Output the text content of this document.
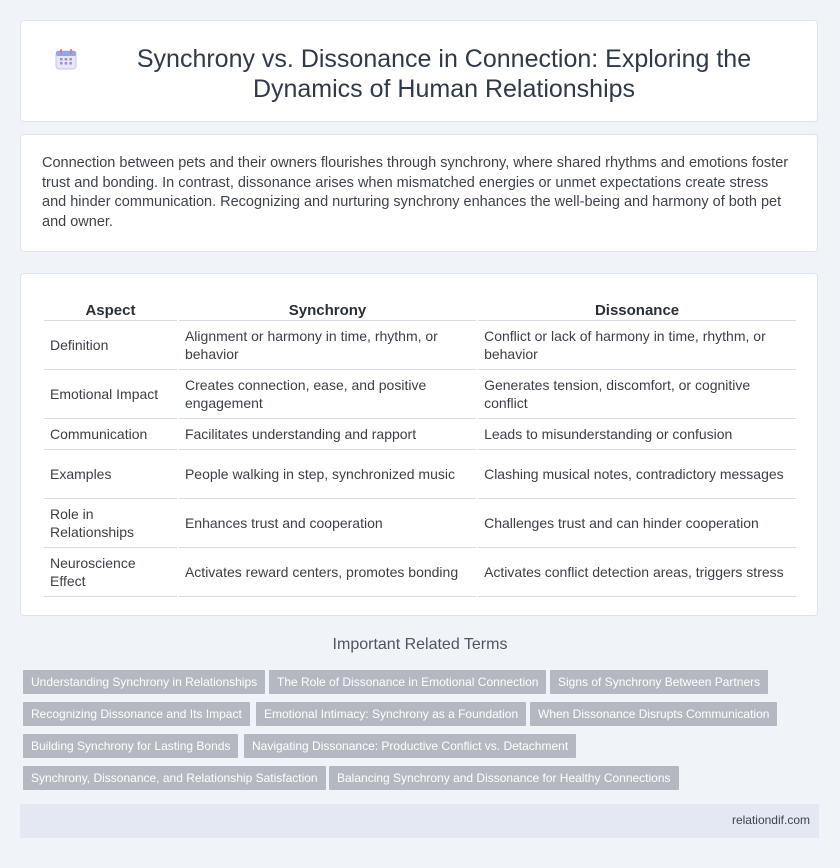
Synchrony vs. Dissonance in Connection: Exploring the Dynamics of Human Relationships

Connection between pets and their owners flourishes through synchrony, where shared rhythms and emotions foster trust and bonding. In contrast, dissonance arises when mismatched energies or unmet expectations create stress and hinder communication. Recognizing and nurturing synchrony enhances the well-being and harmony of both pet and owner.

Aspect	Synchrony	Dissonance
Definition	Alignment or harmony in time, rhythm, or behavior	Conflict or lack of harmony in time, rhythm, or behavior
Emotional Impact	Creates connection, ease, and positive engagement	Generates tension, discomfort, or cognitive conflict
Communication	Facilitates understanding and rapport	Leads to misunderstanding or confusion
Examples	People walking in step, synchronized music	Clashing musical notes, contradictory messages
Role in Relationships	Enhances trust and cooperation	Challenges trust and can hinder cooperation
Neuroscience Effect	Activates reward centers, promotes bonding	Activates conflict detection areas, triggers stress
Important Related Terms
Understanding Synchrony in Relationships	The Role of Dissonance in Emotional Connection	Signs of Synchrony Between Partners
Recognizing Dissonance and Its Impact	Emotional Intimacy: Synchrony as a Foundation	When Dissonance Disrupts Communication
Building Synchrony for Lasting Bonds	Navigating Dissonance: Productive Conflict vs. Detachment
Synchrony, Dissonance, and Relationship Satisfaction	Balancing Synchrony and Dissonance for Healthy Connections
relationdif.com
